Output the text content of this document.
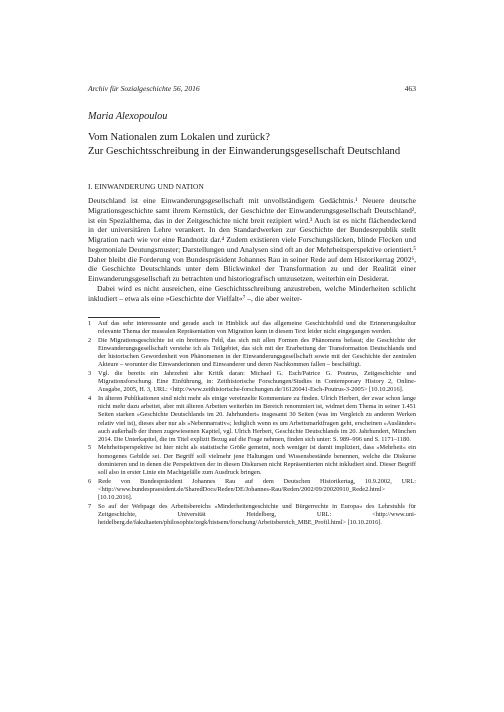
Archiv für Sozialgeschichte 56, 2016	463
Maria Alexopoulou
Vom Nationalen zum Lokalen und zurück?
Zur Geschichtsschreibung in der Einwanderungsgesellschaft Deutschland
I. EINWANDERUNG UND NATION

Deutschland ist eine Einwanderungsgesellschaft mit unvollständigem Gedächtnis.¹ Neuere deutsche Migrationsgeschichte samt ihrem Kernstück, der Geschichte der Einwanderungsgesellschaft Deutschland², ist ein Spezialthema, das in der Zeitgeschichte nicht breit rezipiert wird.³ Auch ist es nicht flächendeckend in der universitären Lehre verankert. In den Standardwerken zur Geschichte der Bundesrepublik stellt Migration nach wie vor eine Randnotiz dar.⁴ Zudem existieren viele Forschungslücken, blinde Flecken und hegemoniale Deutungsmuster; Darstellungen und Analysen sind oft an der Mehrheitsperspektive orientiert.⁵ Daher bleibt die Forderung von Bundespräsident Johannes Rau in seiner Rede auf dem Historikertag 2002⁶, die Geschichte Deutschlands unter dem Blickwinkel der Transformation zu und der Realität einer Einwanderungsgesellschaft zu betrachten und historiografisch umzusetzen, weiterhin ein Desiderat.

Dabei wird es nicht ausreichen, eine Geschichtsschreibung anzustreben, welche Minderheiten schlicht inkludiert – etwa als eine »Geschichte der Vielfalt«⁷ –, die aber weiter-

1 Auf das sehr interessante und gerade auch in Hinblick auf das allgemeine Geschichtsbild und die Erinnerungskultur relevante Thema der musealen Repräsentation von Migration kann in diesem Text leider nicht eingegangen werden.
2 Die Migrationsgeschichte ist ein breiteres Feld, das sich mit allen Formen des Phänomens befasst; die Geschichte der Einwanderungsgesellschaft verstehe ich als Teilgebiet, das sich mit der Erarbeitung der Transformation Deutschlands und der historischen Gewordenheit von Phänomenen in der Einwanderungsgesellschaft sowie mit der Geschichte der zentralen Akteure – worunter die Einwanderinnen und Einwanderer und deren Nachkommen fallen – beschäftigt.
3 Vgl. die bereits ein Jahrzehnt alte Kritik daran: Michael G. Esch/Patrice G. Poutrus, Zeitgeschichte und Migrationsforschung. Eine Einführung, in: Zeithistorische Forschungen/Studies in Contemporary History 2, Online-Ausgabe, 2005, H. 3, URL: <http://www.zeithistorische-forschungen.de/16126041-Esch-Poutrus-3-2005> [10.10.2016].
4 In älteren Publikationen sind nicht mehr als einige vereinzelte Kommentare zu finden. Ulrich Herbert, der zwar schon lange nicht mehr dazu arbeitet, aber mit älteren Arbeiten weiterhin im Bereich renommiert ist, widmet dem Thema in seiner 1.451 Seiten starken »Geschichte Deutschlands im 20. Jahrhundert« insgesamt 30 Seiten (was im Vergleich zu anderen Werken relativ viel ist), dieses aber nur als »Nebennarrativ«; lediglich wenn es um Arbeitsmarktfragen geht, erscheinen »Ausländer« auch außerhalb der ihnen zugewiesenen Kapitel, vgl. Ulrich Herbert, Geschichte Deutschlands im 20. Jahrhundert, München 2014. Die Unterkapitel, die im Titel explizit Bezug auf die Frage nehmen, finden sich unter: S. 989–996 und S. 1171–1180.
5 Mehrheitsperspektive ist hier nicht als statistische Größe gemeint, noch weniger ist damit impliziert, dass »Mehrheit« ein homogenes Gebilde sei. Der Begriff soll vielmehr jene Haltungen und Wissensbestände benennen, welche die Diskurse dominieren und in denen die Perspektiven der in diesen Diskursen nicht Repräsentierten nicht inkludiert sind. Dieser Begriff soll also in erster Linie ein Machtgefälle zum Ausdruck bringen.
6 Rede von Bundespräsident Johannes Rau auf dem Deutschen Historikertag, 10.9.2002, URL: <http://www.bundespraesident.de/SharedDocs/Reden/DE/Johannes-Rau/Reden/2002/09/20020910_Rede2.html> [10.10.2016].
7 So auf der Webpage des Arbeitsbereichs »Minderheitengeschichte und Bürgerrechte in Europa« des Lehrstuhls für Zeitgeschichte, Universität Heidelberg, URL: <http://www.uni-heidelberg.de/fakultaeten/philosophie/zegk/histsem/forschung/Arbeitsbereich_MBE_Profil.html> [10.10.2016].
